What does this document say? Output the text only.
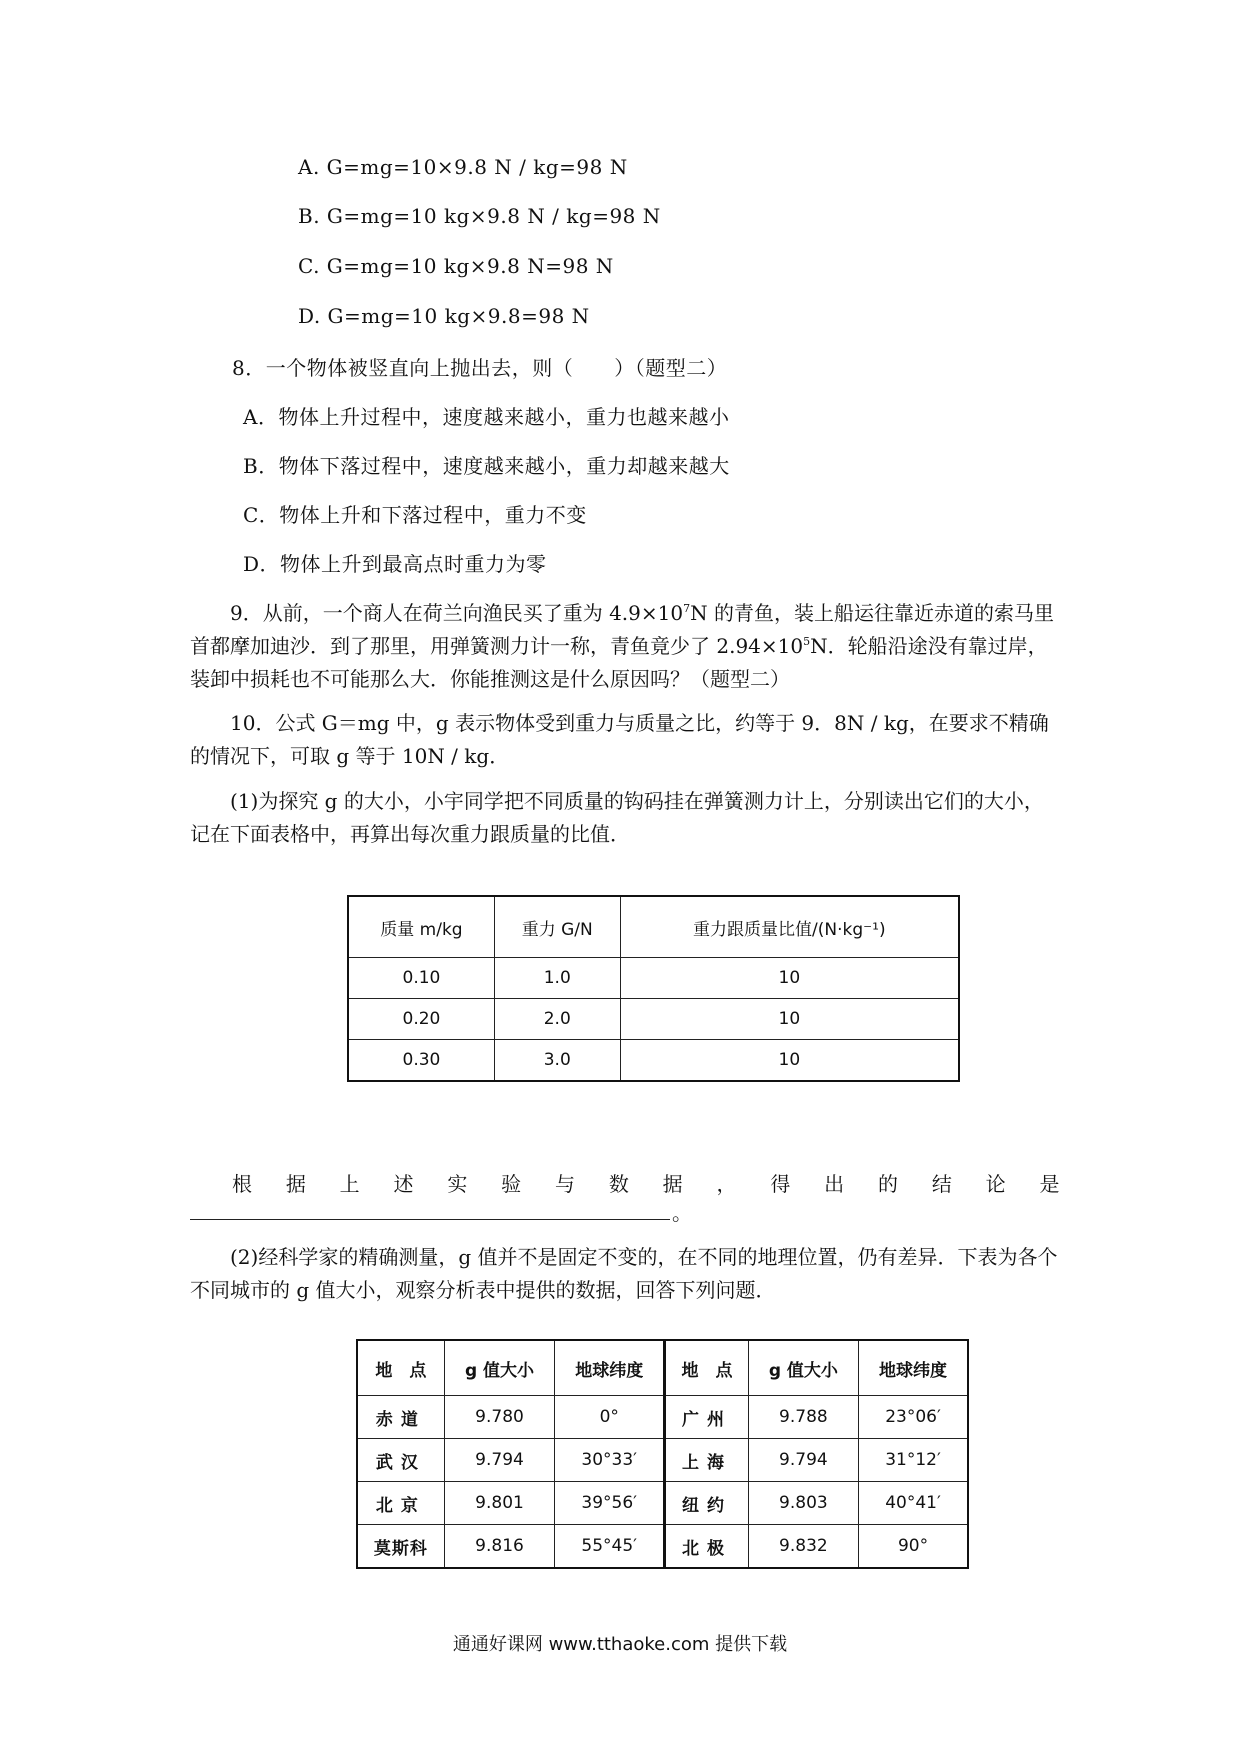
A. G=mg=10×9.8 N / kg=98 N
B. G=mg=10 kg×9.8 N / kg=98 N
C. G=mg=10 kg×9.8 N=98 N
D. G=mg=10 kg×9.8=98 N
8．一个物体被竖直向上抛出去，则（　　）（题型二）
A．物体上升过程中，速度越来越小，重力也越来越小
B．物体下落过程中，速度越来越小，重力却越来越大
C．物体上升和下落过程中，重力不变
D．物体上升到最高点时重力为零
9．从前，一个商人在荷兰向渔民买了重为 $4.9\times 10^7N$ 的青鱼，装上船运往靠近赤道的索马里首都摩加迪沙．到了那里，用弹簧测力计一称，青鱼竟少了 $2.94\times 10^5N$．轮船沿途没有靠过岸，装卸中损耗也不可能那么大．你能推测这是什么原因吗？（题型二）
10．公式 G＝mg 中，g 表示物体受到重力与质量之比，约等于 9．8N / kg，在要求不精确的情况下，可取 g 等于 10N / kg．
(1)为探究 g 的大小，小宇同学把不同质量的钩码挂在弹簧测力计上，分别读出它们的大小，记在下面表格中，再算出每次重力跟质量的比值．
质量 m/kg	重力 G/N	重力跟质量比值/(N·kg⁻¹)
0.10	1.0	10
0.20	2.0	10
0.30	3.0	10
根 据 上 述 实 验 与 数 据 ， 得 出 的 结 论 是
。
(2)经科学家的精确测量，g 值并不是固定不变的，在不同的地理位置，仍有差异．下表为各个不同城市的 g 值大小，观察分析表中提供的数据，回答下列问题．
地　点	g 值大小	地球纬度	地　点	g 值大小	地球纬度
赤道	9.780	0°	广州	9.788	23°06′
武汉	9.794	30°33′	上海	9.794	31°12′
北京	9.801	39°56′	纽约	9.803	40°41′
莫斯科	9.816	55°45′	北极	9.832	90°
通通好课网 www.tthaoke.com 提供下载
